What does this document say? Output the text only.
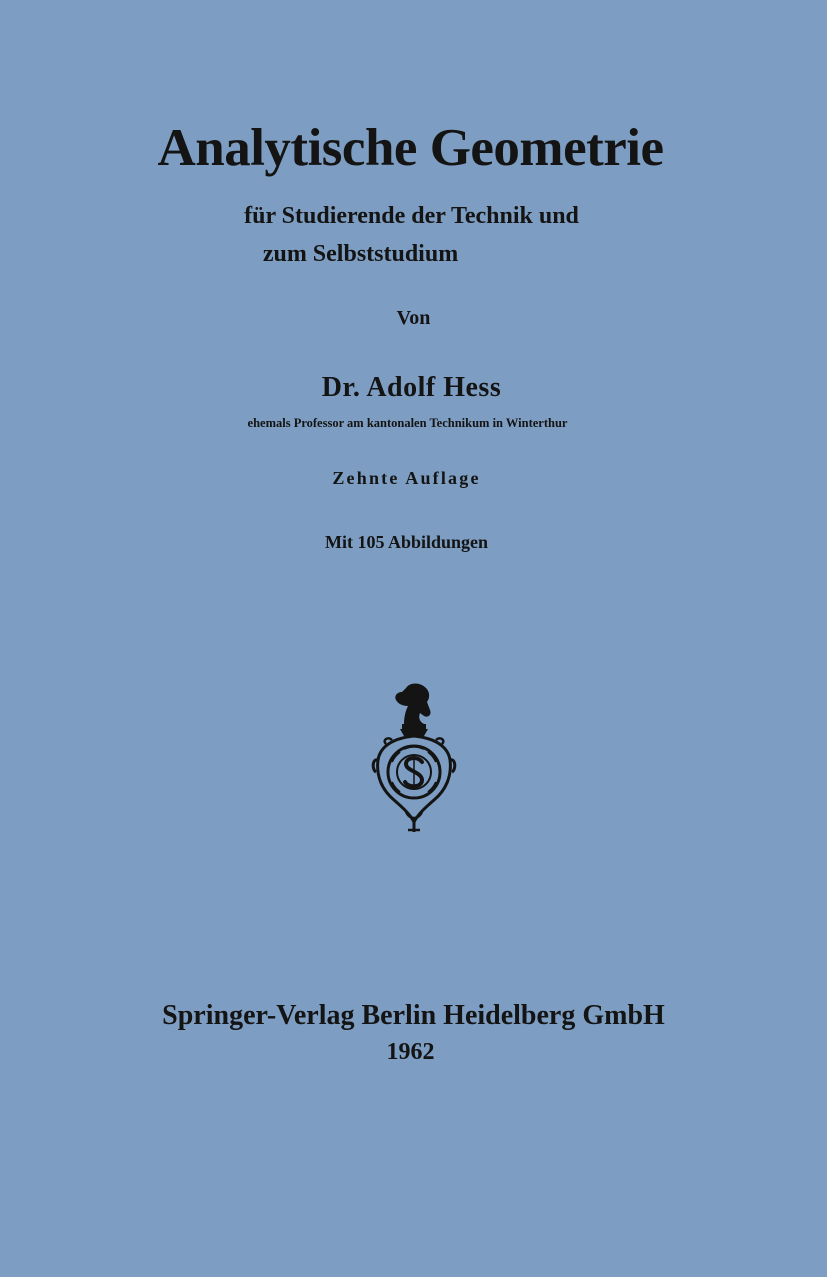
Analytische Geometrie
für Studierende der Technik und
zum Selbststudium
Von
Dr. Adolf Hess
ehemals Professor am kantonalen Technikum in Winterthur
Zehnte Auflage
Mit 105 Abbildungen
Springer-Verlag Berlin Heidelberg GmbH
1962
